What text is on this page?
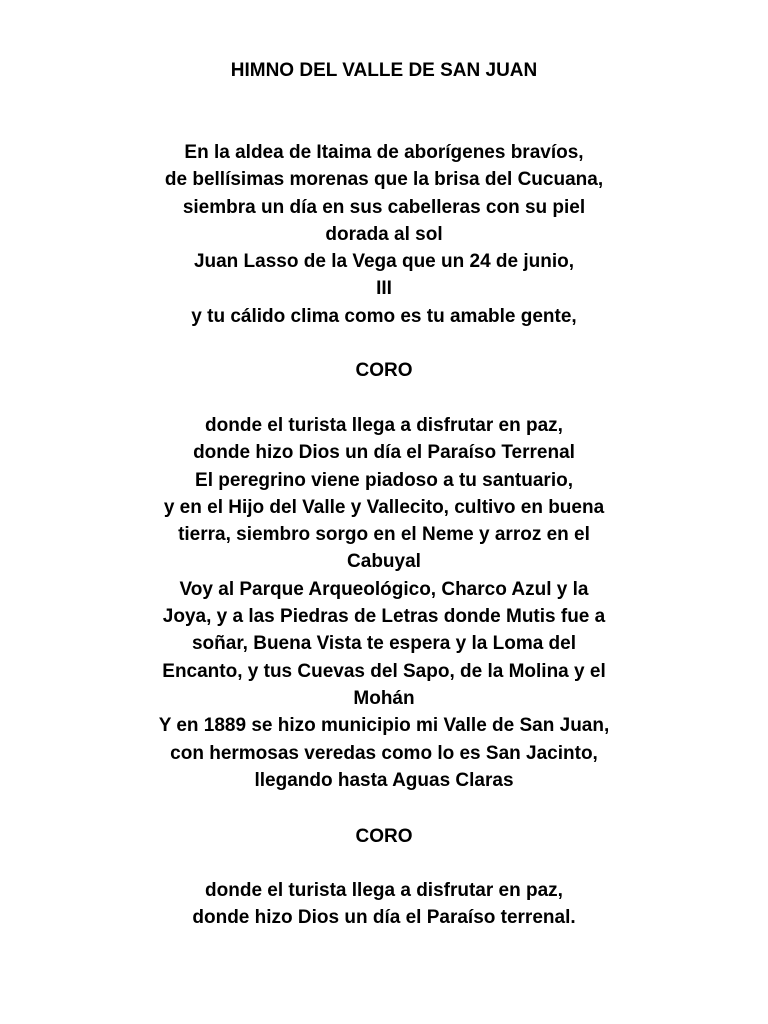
HIMNO DEL VALLE DE SAN JUAN
En la aldea de Itaima de aborígenes bravíos,
de bellísimas morenas que la brisa del Cucuana,
siembra un día en sus cabelleras con su piel
dorada al sol
Juan Lasso de la Vega que un 24 de junio,
III
y tu cálido clima como es tu amable gente,
CORO
donde el turista llega a disfrutar en paz,
donde hizo Dios un día el Paraíso Terrenal
El peregrino viene piadoso a tu santuario,
y en el Hijo del Valle y Vallecito, cultivo en buena
tierra, siembro sorgo en el Neme y arroz en el
Cabuyal
Voy al Parque Arqueológico, Charco Azul y la
Joya, y a las Piedras de Letras donde Mutis fue a
soñar, Buena Vista te espera y la Loma del
Encanto, y tus Cuevas del Sapo, de la Molina y el
Mohán
Y en 1889 se hizo municipio mi Valle de San Juan,
con hermosas veredas como lo es San Jacinto,
llegando hasta Aguas Claras
CORO
donde el turista llega a disfrutar en paz,
donde hizo Dios un día el Paraíso terrenal.
